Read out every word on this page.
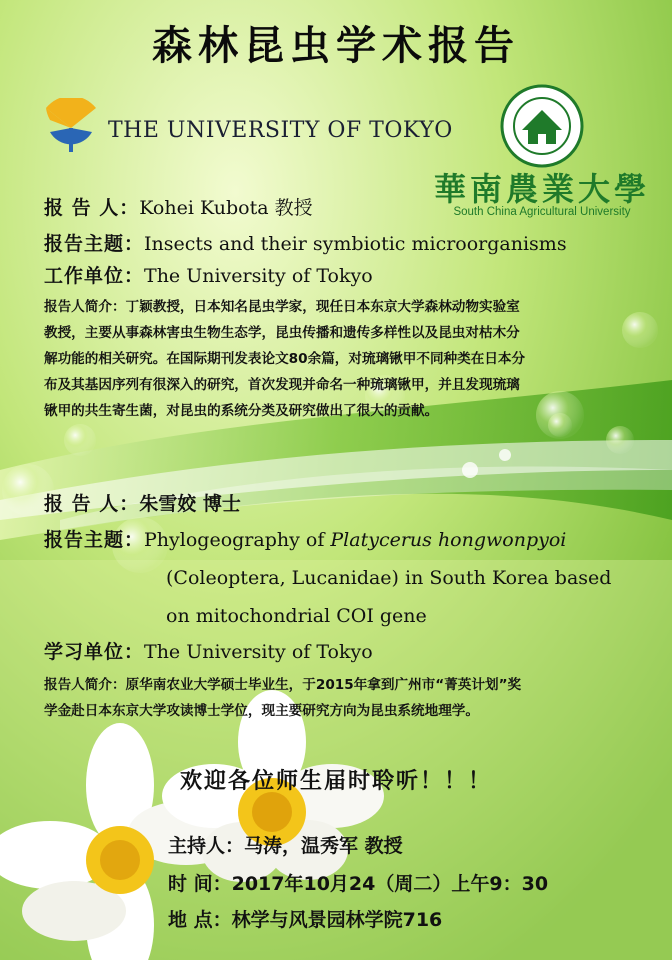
森林昆虫学术报告
THE UNIVERSITY OF TOKYO
華南農業大學
South China Agricultural University
报 告 人：Kohei Kubota 教授
报告主题：Insects and their symbiotic microorganisms
工作单位：The University of Tokyo

报告人简介：丁颖教授，日本知名昆虫学家，现任日本东京大学森林动物实验室

教授，主要从事森林害虫生物生态学，昆虫传播和遗传多样性以及昆虫对枯木分

解功能的相关研究。在国际期刊发表论文80余篇，对琉璃锹甲不同种类在日本分

布及其基因序列有很深入的研究，首次发现并命名一种琉璃锹甲，并且发现琉璃

锹甲的共生寄生菌，对昆虫的系统分类及研究做出了很大的贡献。

报 告 人：朱雪姣 博士
报告主题：Phylogeography of Platycerus hongwonpyoi
(Coleoptera, Lucanidae) in South Korea based
on mitochondrial COI gene
学习单位：The University of Tokyo

报告人简介：原华南农业大学硕士毕业生，于2015年拿到广州市“菁英计划”奖

学金赴日本东京大学攻读博士学位，现主要研究方向为昆虫系统地理学。

欢迎各位师生届时聆听！！！
主持人：马涛，温秀军 教授
时 间：2017年10月24（周二）上午9：30
地 点：林学与风景园林学院716
